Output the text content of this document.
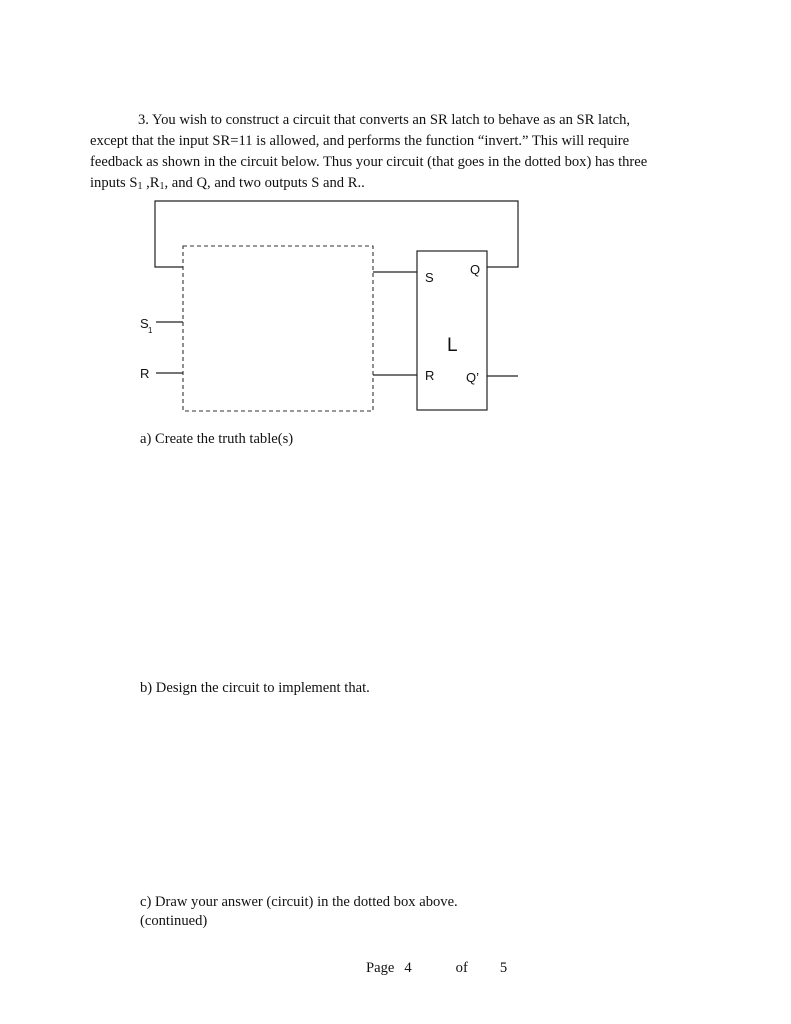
3. You wish to construct a circuit that converts an SR latch to behave as an SR latch,
except that the input SR=11 is allowed, and performs the function “invert.” This will require
feedback as shown in the circuit below. Thus your circuit (that goes in the dotted box) has three
inputs $S_1$ $,R_1$, and Q, and two outputs S and R..
S
Q
L
R Q’
S 1
R
a) Create the truth table(s)
b) Design the circuit to implement that.
c) Draw your answer (circuit) in the dotted box above.
(continued)
Page 4	of 5
